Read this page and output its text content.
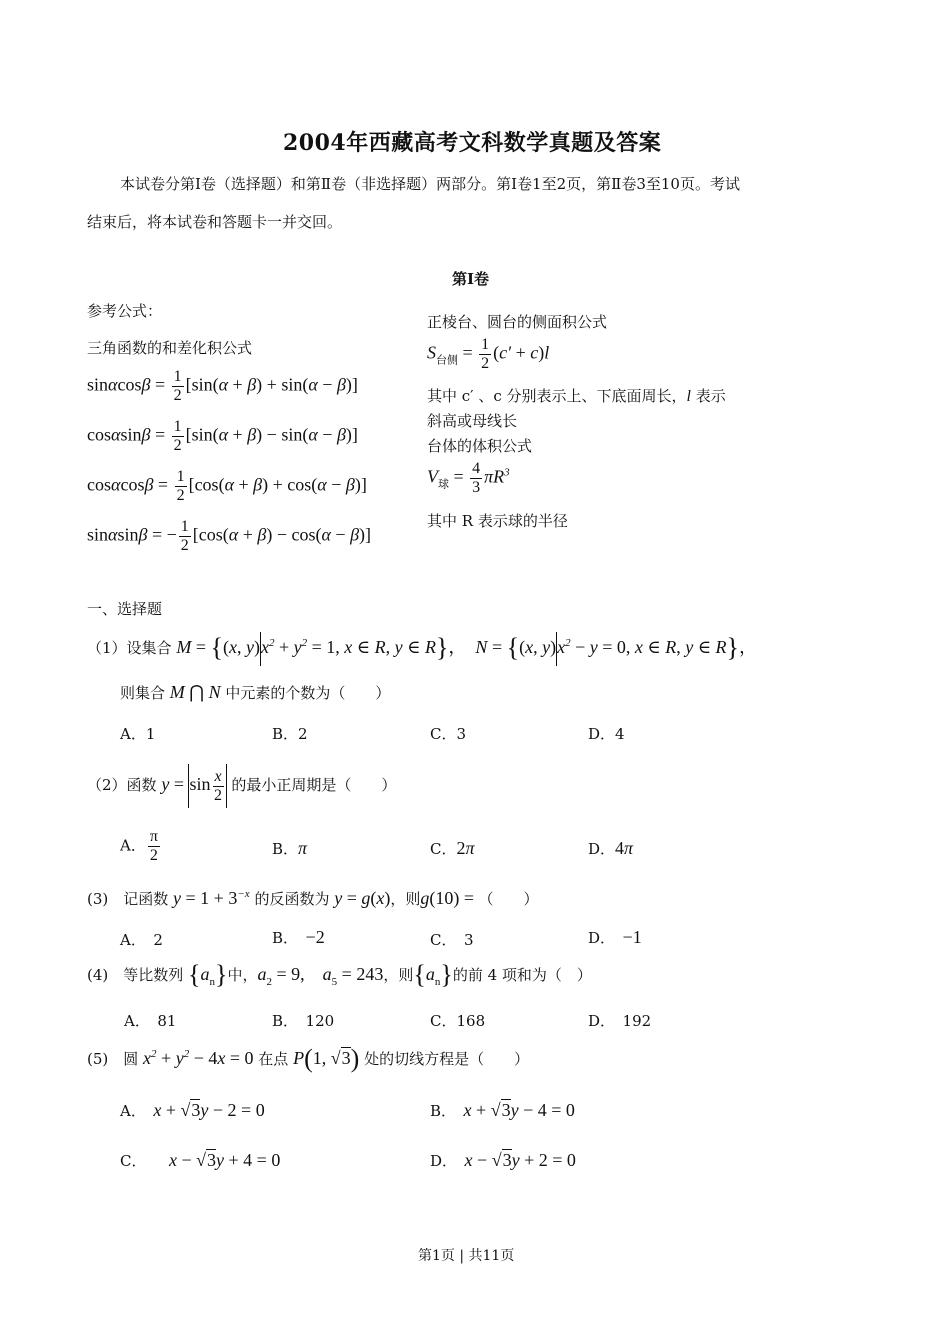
2004年西藏高考文科数学真题及答案
本试卷分第Ⅰ卷（选择题）和第Ⅱ卷（非选择题）两部分。第Ⅰ卷1至2页，第Ⅱ卷3至10页。考试
结束后，将本试卷和答题卡一并交回。
第Ⅰ卷
参考公式：
三角函数的和差化积公式
$\sin\alpha\cos\beta = \frac{1}{2} [\sin(\alpha + \beta) + \sin(\alpha - \beta)]$
$\cos\alpha\sin\beta = \frac{1}{2} [\sin(\alpha + \beta) - \sin(\alpha - \beta)]$
$\cos\alpha\cos\beta = \frac{1}{2} [\cos(\alpha + \beta) + \cos(\alpha - \beta)]$
sinαsinβ = − $\frac{1}{2} [\cos(\alpha + \beta) - \cos(\alpha - \beta)]$
正棱台、圆台的侧面积公式
$S_{台侧} = \frac{1}{2} (c' + c)l$
其中 c′ 、c 分别表示上、下底面周长，l 表示
斜高或母线长
台体的体积公式
$V_球 = \frac{4}{3} \pi R^3$
其中 R 表示球的半径
一、选择题
（1）设集合 M = {(x, $y)x^2 + y^2 = 1$, x ∈ R, y ∈ R}，　N = {(x, $y)x^2 - y = 0$, x ∈ R, y ∈ R}，
则集合 M ⋂ N 中元素的个数为（　　）
A．1	B．2	C．3	D．4
（2）函数 $y = \sin \frac{x}{2}$ 的最小正周期是（　　）
A． $\frac{\pi}{2}$	B．π	C．2π	D．4π
(3)　记函数 $y = 1 + 3^{-x}$ 的反函数为 y = g(x)，则g(10) = （　　）
A．　2	B．　 −2	C．　3	D．　 −1
(4)　等比数列 $\{a_n\}$中，$a_2 = 9$,　$a_5 = 243$，则$\{a_n\}$的前 4 项和为（　）
A．　81	B．　120	C．168	D．　192
(5)　圆 $x^2 + y^2 - 4x = 0$ 在点 P(1, √3) 处的切线方程是（　　）
A．　 x + √3y − 2 = 0	B．　 x + √3y − 4 = 0
C．　　 x − √3y + 4 = 0	D．　 x − √3y + 2 = 0
第1页 | 共11页
